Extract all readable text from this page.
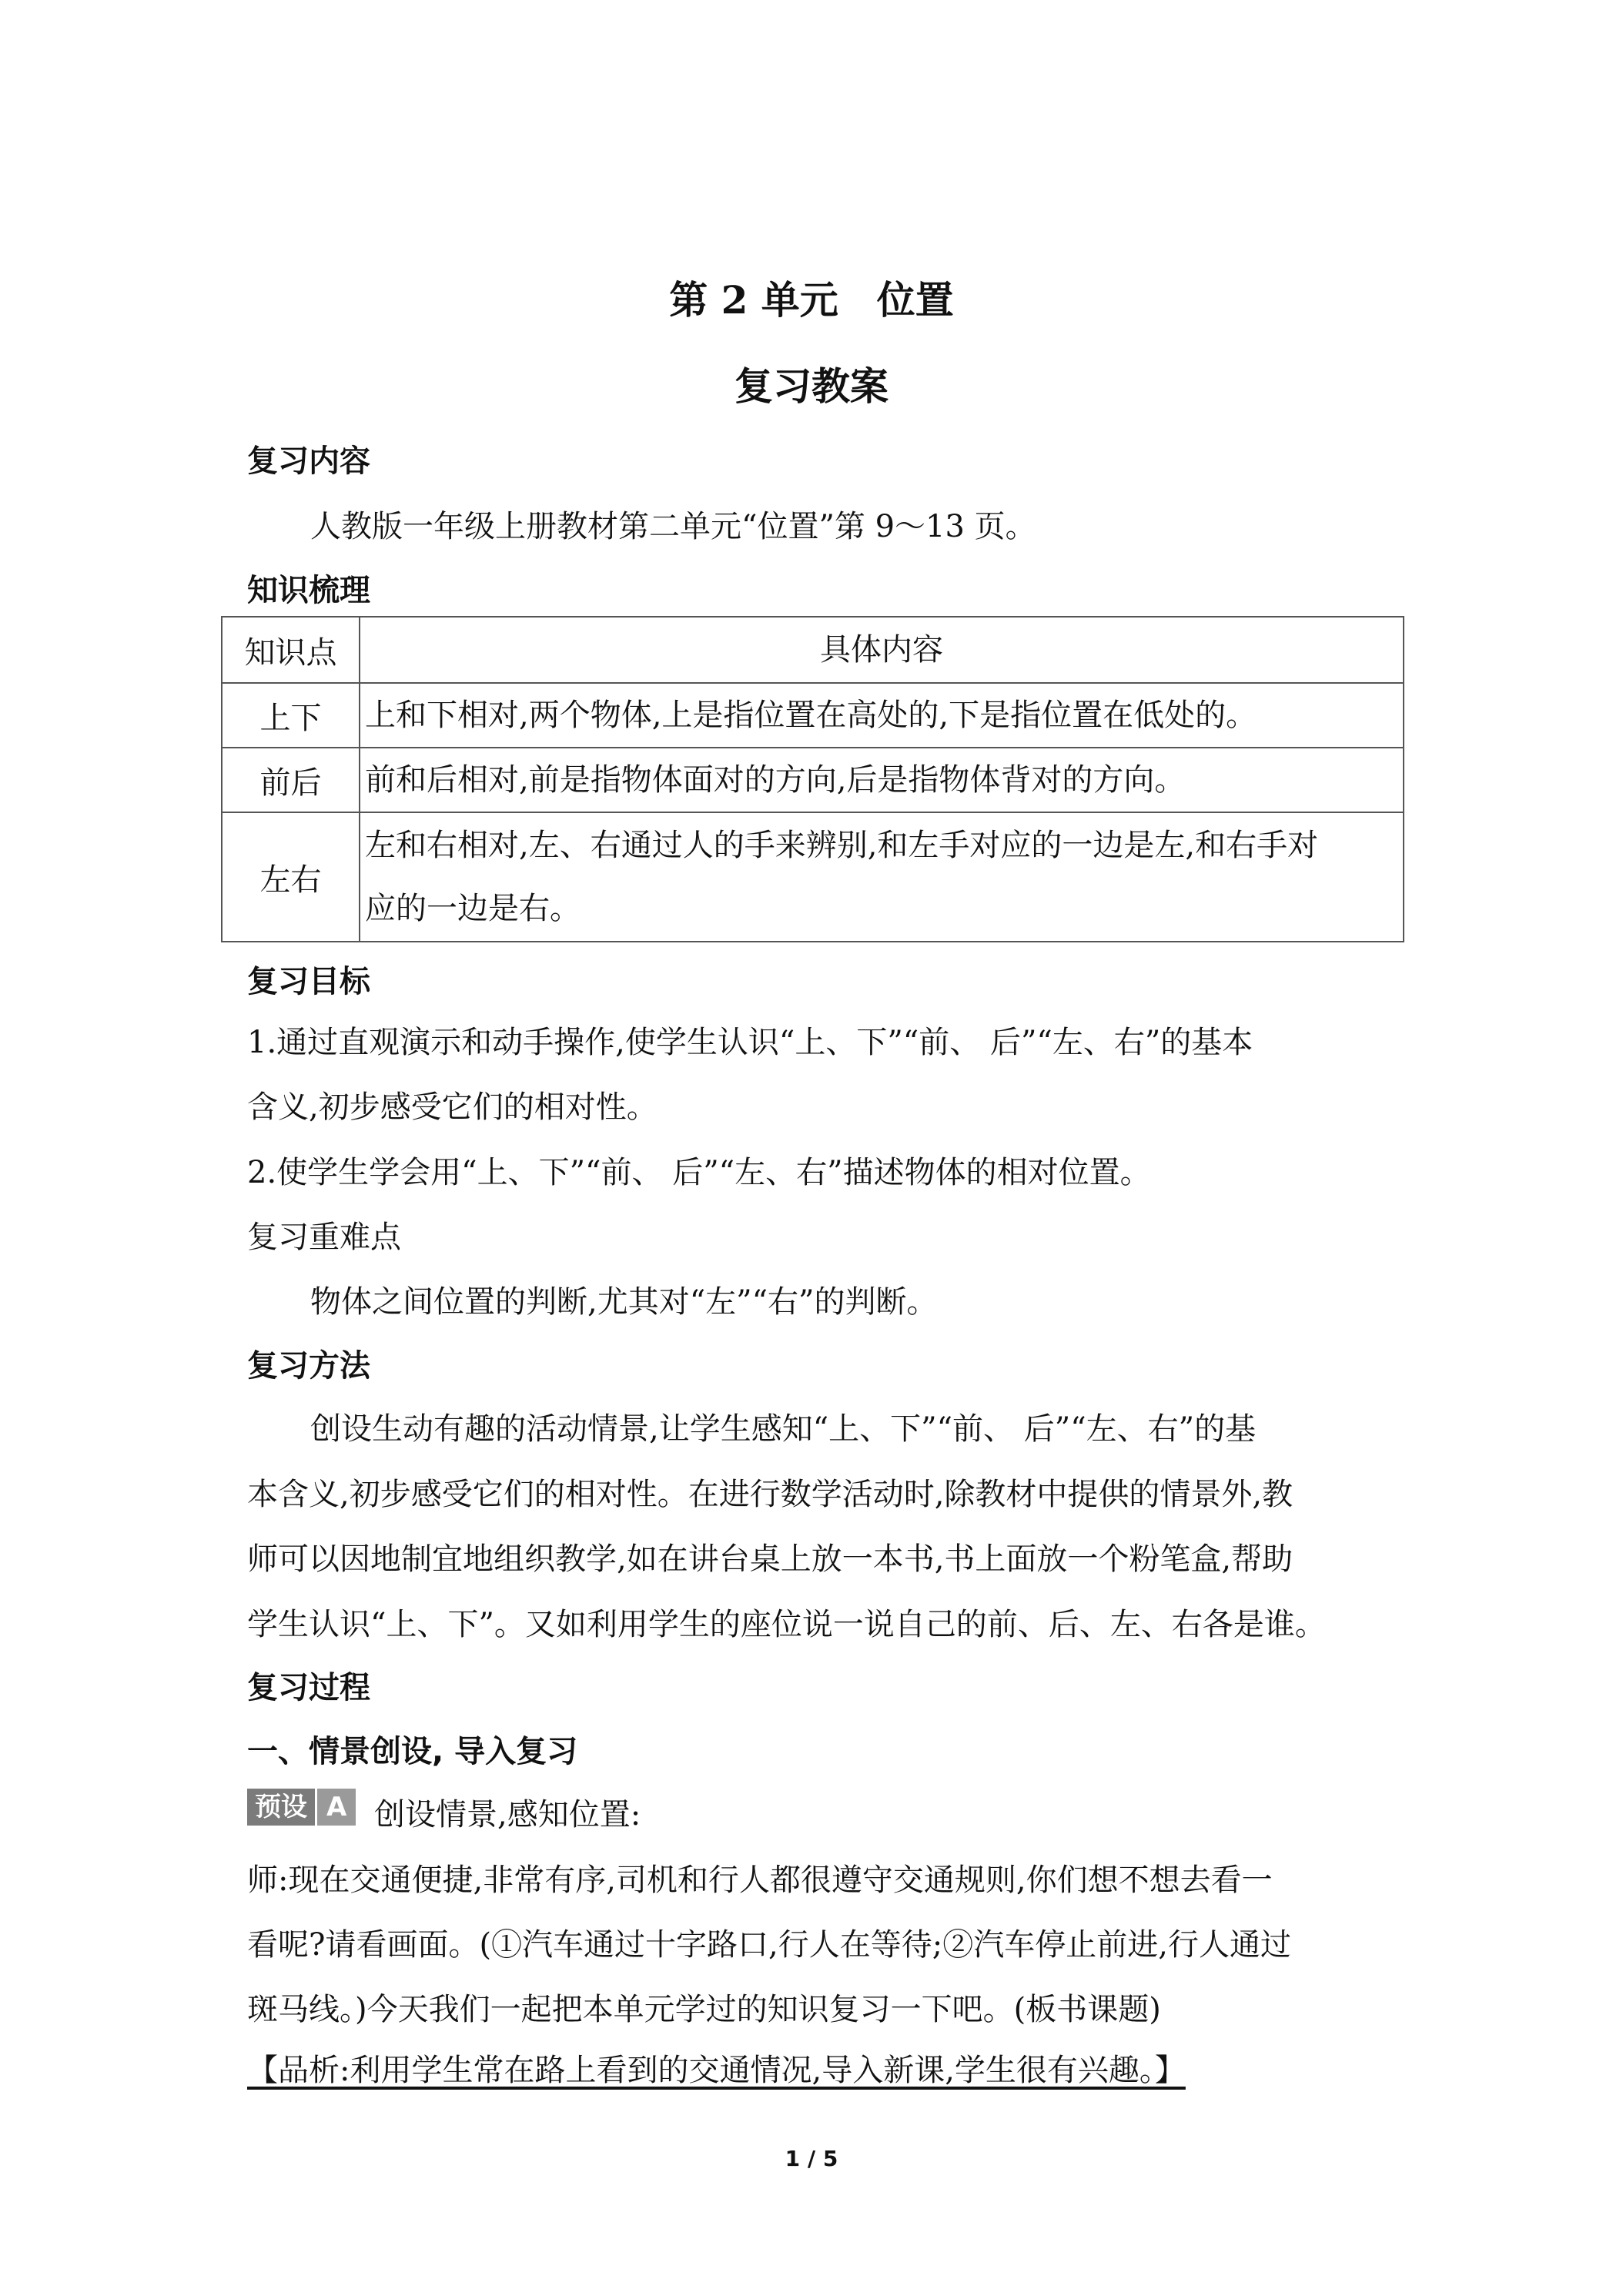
第 2 单元　位置
复习教案
复习内容
人教版一年级上册教材第二单元“位置”第 9～13 页。
知识梳理
知识点	具体内容
上下	上和下相对,两个物体,上是指位置在高处的,下是指位置在低处的。
前后	前和后相对,前是指物体面对的方向,后是指物体背对的方向。
左右	左和右相对,左、右通过人的手来辨别,和左手对应的一边是左,和右手对
应的一边是右。
复习目标
1.通过直观演示和动手操作,使学生认识“上、下”“前、 后”“左、右”的基本
含义,初步感受它们的相对性。
2.使学生学会用“上、下”“前、 后”“左、右”描述物体的相对位置。
复习重难点
物体之间位置的判断,尤其对“左”“右”的判断。
复习方法
创设生动有趣的活动情景,让学生感知“上、下”“前、 后”“左、右”的基
本含义,初步感受它们的相对性。在进行数学活动时,除教材中提供的情景外,教
师可以因地制宜地组织教学,如在讲台桌上放一本书,书上面放一个粉笔盒,帮助
学生认识“上、下”。又如利用学生的座位说一说自己的前、后、左、右各是谁。
复习过程
一、情景创设, 导入复习
预设 A 创设情景,感知位置:
师:现在交通便捷,非常有序,司机和行人都很遵守交通规则,你们想不想去看一
看呢?请看画面。(①汽车通过十字路口,行人在等待;②汽车停止前进,行人通过
斑马线。)今天我们一起把本单元学过的知识复习一下吧。(板书课题)
【品析:利用学生常在路上看到的交通情况,导入新课,学生很有兴趣。】
1 / 5
